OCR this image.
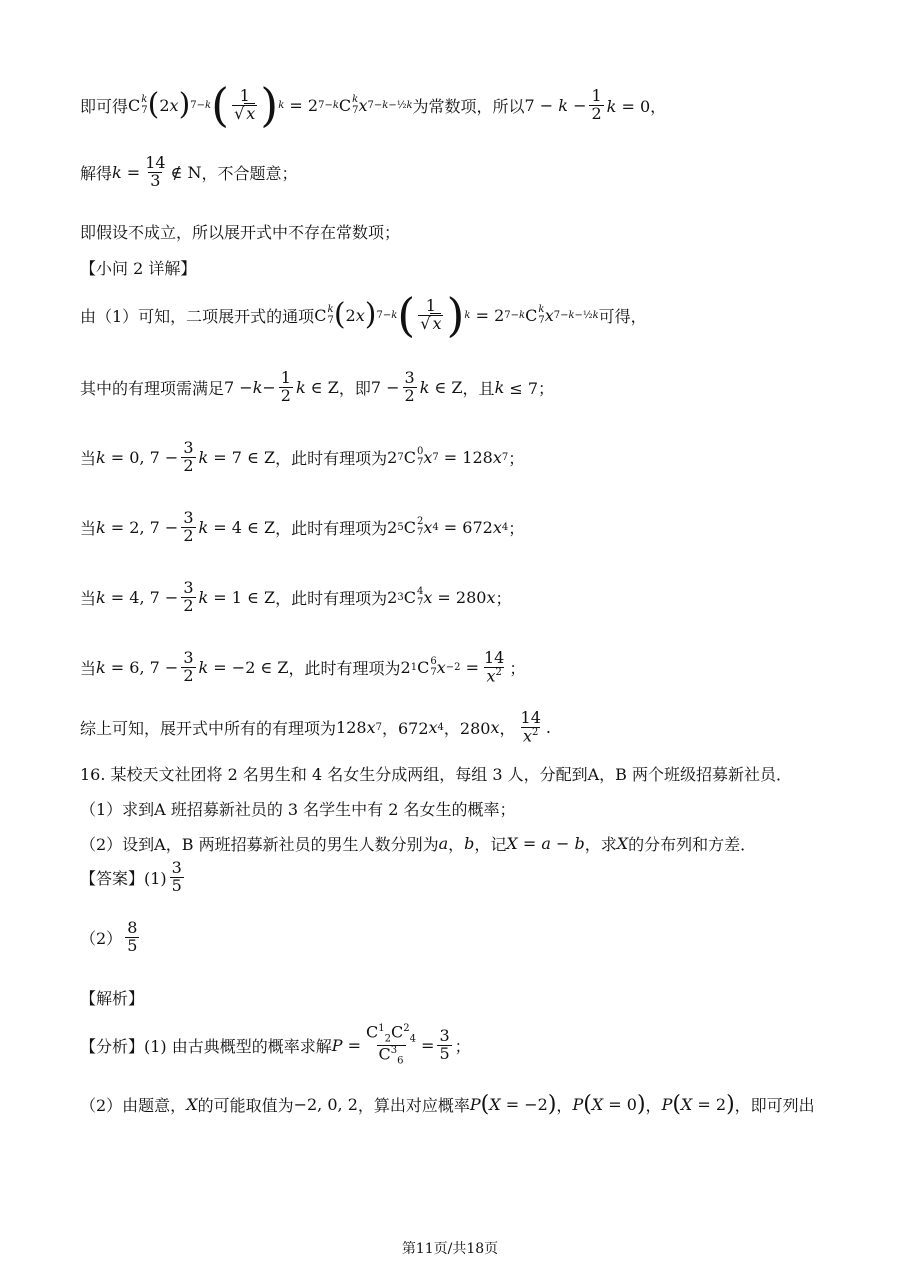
即可得 C k
7 ( 2 x ) 7−k ( $\frac{1}{√ x}$ ) k = 2 7−k C k
7 x 7−k−½k 为常数项，所以 $7 - k - \frac{1}{2}$ k = 0，
解得 $k = \frac{14}{3}$ ∉ N ，不合题意；
即假设不成立，所以展开式中不存在常数项；
【小问 2 详解】
由（1）可知，二项展开式的通项 C k
7 ( 2 x ) 7−k ( $\frac{1}{√ x}$ ) k = 2 7−k C k
7 x 7−k−½k 可得，
其中的有理项需满足 $7 - k - \frac{1}{2}$ k ∈ Z ，即 $7 - \frac{3}{2}$ k ∈ Z ，且 k ≤ 7；
当 k = 0, $7 - \frac{3}{2}$ k = 7 ∈ Z ，此时有理项为 2 7 C 0
7 x 7 = 128 x 7 ；
当 k = 2, $7 - \frac{3}{2}$ k = 4 ∈ Z ，此时有理项为 2 5 C 2
7 x 4 = 672 x 4 ；
当 k = 4, $7 - \frac{3}{2}$ k = 1 ∈ Z ，此时有理项为 2 3 C 4
7 x = 280 x ；
当 k = 6, $7 - \frac{3}{2}$ k = −2 ∈ Z ，此时有理项为 2 1 C 6
7 $x -2 = \frac{14}{x^2}$ ；
综上可知，展开式中所有的有理项为 128 x 7 ，672 x 4 ，280 x ， $\frac{14}{x^2}$ .
16. 某校天文社团将 2 名男生和 4 名女生分成两组，每组 3 人，分配到A，B 两个班级招募新社员．
（1）求到A 班招募新社员的 3 名学生中有 2 名女生的概率；
（2）设到A，B 两班招募新社员的男生人数分别为 a ， b ，记 X = a − b ，求 X 的分布列和方差．
【答案】$(1) \frac{3}{5}$
$(2) \frac{8}{5}$
【解析】
【分析】(1) 由古典概型的概率求解 $P = \frac{C^1_2C^2_4}{C^3_6} = \frac{3}{5}$ ；
（2）由题意， X 的可能取值为 −2, 0, 2 ，算出对应概率 P ( X = −2 ) ， P ( X = 0 ) ， P ( X = 2 ) ，即可列出
第11页/共18页
